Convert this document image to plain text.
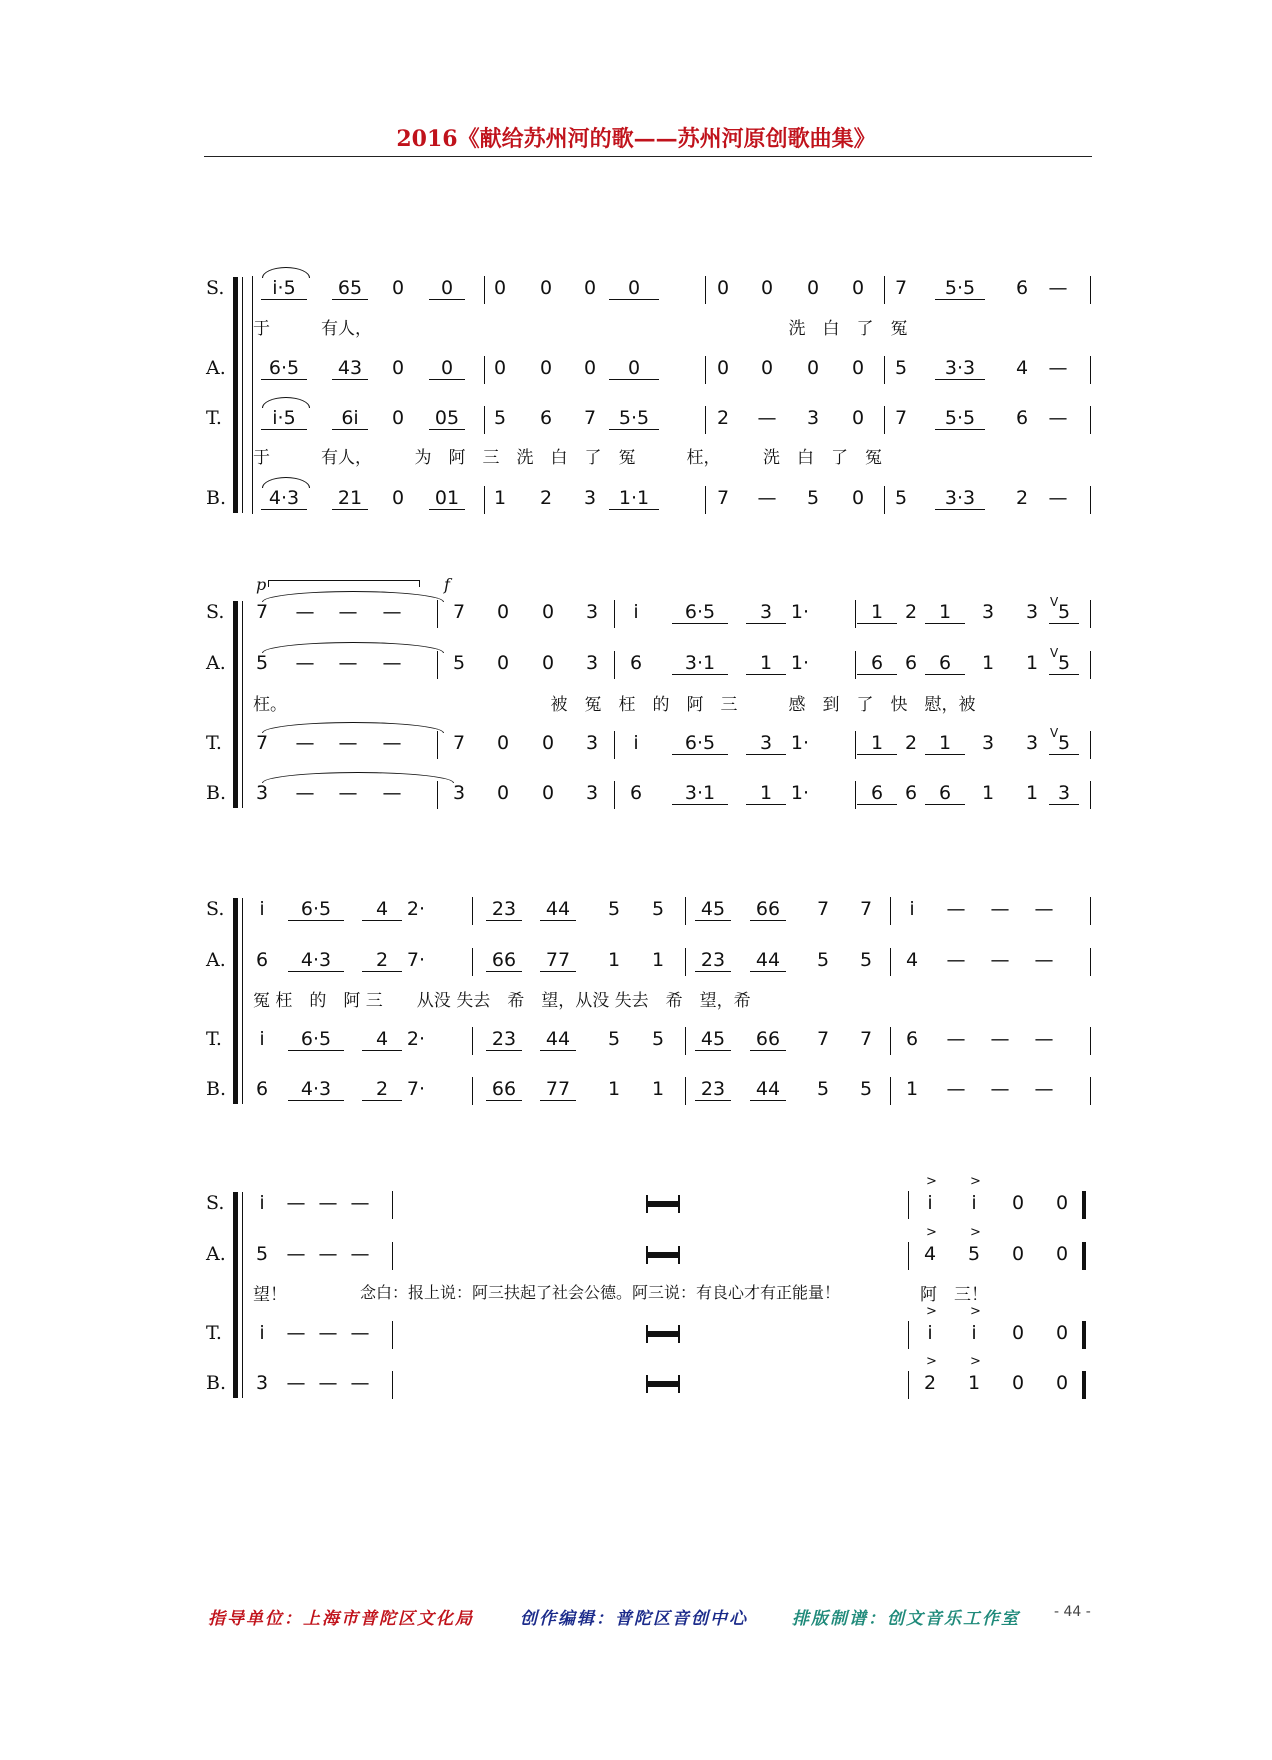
2016《献给苏州河的歌——苏州河原创歌曲集》
S.	i·5	65	0	0	0	0	0	0	0	0	0	0	7	5·5	6	—
A.	6·5	43	0	0	0	0	0	0	0	0	0	0	5	3·3	4	—
T.	i·5	6i	0	05	5	6	7	5·5	2	—	3	0	7	5·5	6	—
B.	4·3	21	0	01	1	2	3	1·1	7	—	5	0	5	3·3	2	—
于　　　有人，　　　　　　　　　　　　　　　　　　　　　　　　　洗　白　了　冤
于　　　有人，　　　为　阿　三　洗　白　了　冤　　　枉，　　　洗　白　了　冤
S.	7	—	—	—	7	0	0	3	i	6·5	3 1·	1	2	1	3	3	5
A.	5	—	—	—	5	0	0	3	6	3·1	1 1·	6	6	6	1	1	5
T.	7	—	—	—	7	0	0	3	i	6·5	3 1·	1	2	1	3	3	5
B.	3	—	—	—	3	0	0	3	6	3·1	1 1·	6	6	6	1	1	3
p	f
枉。　　　　　　　　　　　　　　　　被　冤　枉　的　阿　三　　　感　到　了　快　慰，被
V
V
V
S.	i	6·5	4 2·	23	44	5	5	45	66	7	7	i	—	—	—
A.	6	4·3	2 7·	66	77	1	1	23	44	5	5	4	—	—	—
T.	i	6·5	4 2·	23	44	5	5	45	66	7	7	6	—	—	—
B.	6	4·3	2 7·	66	77	1	1	23	44	5	5	1	—	—	—
冤 枉　的　阿 三　　从没 失去　希　望，从没 失去　希　望，希
S.	i	— — —	i	i	0	0
A.	5 — — —	4	5	0	0
T.	i	— — —	i	i	0	0
B.	3 — — —	2	1	0	0
>	>
>	>
>	>
>	>
望！	念白：报上说：阿三扶起了社会公德。阿三说：有良心才有正能量！	阿　三！
指导单位：上海市普陀区文化局	创作编辑：普陀区音创中心	排版制谱：创文音乐工作室 - 44 -
